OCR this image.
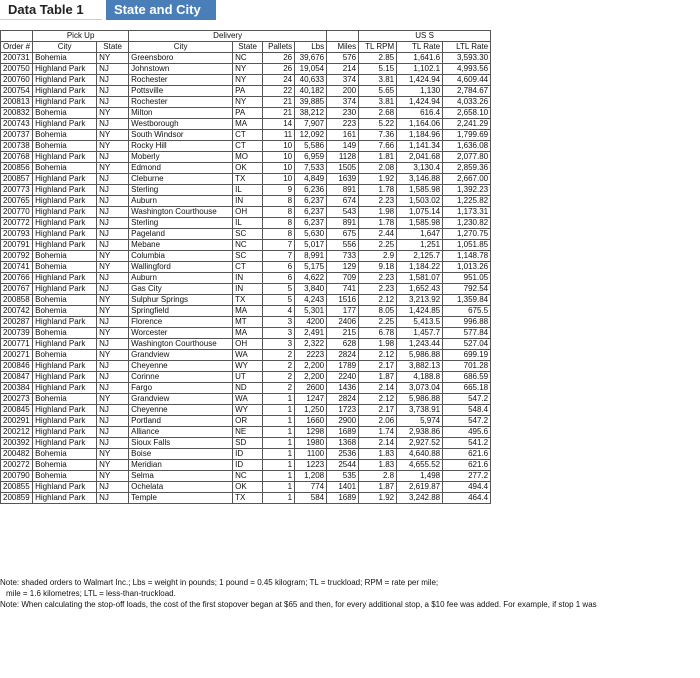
Data Table 1	State and City
	Pick Up		Delivery					US S		
Order #	City	State	City	State	Pallets	Lbs	Miles	TL RPM	TL Rate	LTL Rate
200731	Bohemia	NY	Greensboro	NC	26	39,676	576	2.85	1,641.6	3,593.30
200750	Highland Park	NJ	Johnstown	NY	26	19,054	214	5.15	1,102.1	4,993.56
200760	Highland Park	NJ	Rochester	NY	24	40,633	374	3.81	1,424.94	4,609.44
200754	Highland Park	NJ	Pottsville	PA	22	40,182	200	5.65	1,130	2,784.67
200813	Highland Park	NJ	Rochester	NY	21	39,885	374	3.81	1,424.94	4,033.26
200832	Bohemia	NY	Milton	PA	21	38,212	230	2.68	616.4	2,658.10
200743	Highland Park	NJ	Westborough	MA	14	7,907	223	5.22	1,164.06	2,241.29
200737	Bohemia	NY	South Windsor	CT	11	12,092	161	7.36	1,184.96	1,799.69
200738	Bohemia	NY	Rocky Hill	CT	10	5,586	149	7.66	1,141.34	1,636.08
200768	Highland Park	NJ	Moberly	MO	10	6,959	1128	1.81	2,041.68	2,077.80
200856	Bohemia	NY	Edmond	OK	10	7,533	1505	2.08	3,130.4	2,859.36
200857	Highland Park	NJ	Cleburne	TX	10	4,849	1639	1.92	3,146.88	2,667.00
200773	Highland Park	NJ	Sterling	IL	9	6,236	891	1.78	1,585.98	1,392.23
200765	Highland Park	NJ	Auburn	IN	8	6,237	674	2.23	1,503.02	1,225.82
200770	Highland Park	NJ	Washington Courthouse	OH	8	6,237	543	1.98	1,075.14	1,173.31
200772	Highland Park	NJ	Sterling	IL	8	6,237	891	1.78	1,585.98	1,230.82
200793	Highland Park	NJ	Pageland	SC	8	5,630	675	2.44	1,647	1,270.75
200791	Highland Park	NJ	Mebane	NC	7	5,017	556	2.25	1,251	1,051.85
200792	Bohemia	NY	Columbia	SC	7	8,991	733	2.9	2,125.7	1,148.78
200741	Bohemia	NY	Wallingford	CT	6	5,175	129	9.18	1,184.22	1,013.26
200766	Highland Park	NJ	Auburn	IN	6	4,622	709	2.23	1,581.07	951.05
200767	Highland Park	NJ	Gas City	IN	5	3,840	741	2.23	1,652.43	792.54
200858	Bohemia	NY	Sulphur Springs	TX	5	4,243	1516	2.12	3,213.92	1,359.84
200742	Bohemia	NY	Springfield	MA	4	5,301	177	8.05	1,424.85	675.5
200287	Highland Park	NJ	Florence	MT	3	4200	2406	2.25	5,413.5	996.88
200739	Bohemia	NY	Worcester	MA	3	2,491	215	6.78	1,457.7	577.84
200771	Highland Park	NJ	Washington Courthouse	OH	3	2,322	628	1.98	1,243.44	527.04
200271	Bohemia	NY	Grandview	WA	2	2223	2824	2.12	5,986.88	699.19
200846	Highland Park	NJ	Cheyenne	WY	2	2,200	1789	2.17	3,882.13	701.28
200847	Highland Park	NJ	Corinne	UT	2	2,200	2240	1.87	4,188.8	686.59
200384	Highland Park	NJ	Fargo	ND	2	2600	1436	2.14	3,073.04	665.18
200273	Bohemia	NY	Grandview	WA	1	1247	2824	2.12	5,986.88	547.2
200845	Highland Park	NJ	Cheyenne	WY	1	1,250	1723	2.17	3,738.91	548.4
200291	Highland Park	NJ	Portland	OR	1	1660	2900	2.06	5,974	547.2
200212	Highland Park	NJ	Alliance	NE	1	1298	1689	1.74	2,938.86	495.6
200392	Highland Park	NJ	Sioux Falls	SD	1	1980	1368	2.14	2,927.52	541.2
200482	Bohemia	NY	Boise	ID	1	1100	2536	1.83	4,640.88	621.6
200272	Bohemia	NY	Meridian	ID	1	1223	2544	1.83	4,655.52	621.6
200790	Bohemia	NY	Selma	NC	1	1,208	535	2.8	1,498	277.2
200855	Highland Park	NJ	Ochelata	OK	1	774	1401	1.87	2,619.87	494.4
200859	Highland Park	NJ	Temple	TX	1	584	1689	1.92	3,242.88	464.4
Note: shaded orders to Walmart Inc.; Lbs = weight in pounds; 1 pound = 0.45 kilogram; TL = truckload; RPM = rate per mile;
mile = 1.6 kilometres; LTL = less-than-truckload.
Note: When calculating the stop-off loads, the cost of the first stopover began at $65 and then, for every additional stop, a $10 fee was added. For example, if stop 1 was
